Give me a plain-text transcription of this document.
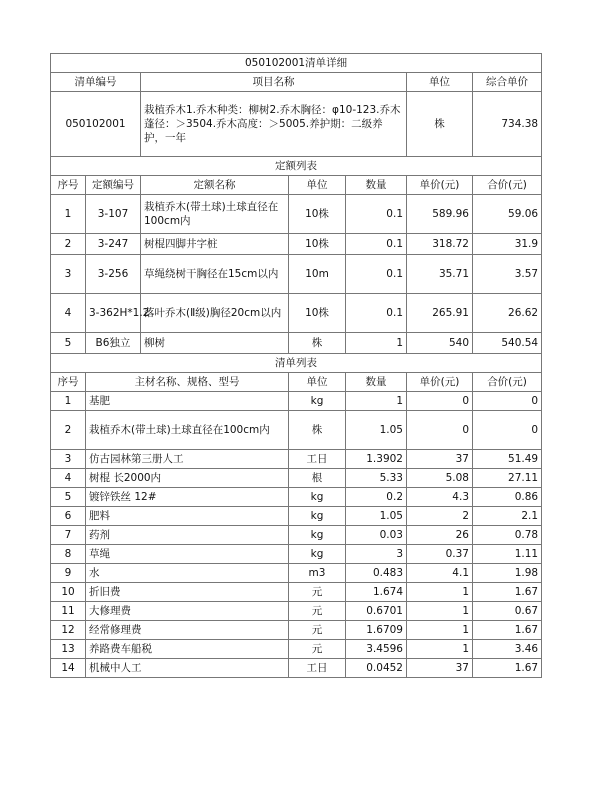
050102001清单详细						
清单编号		项目名称			单位	综合单价
050102001		栽植乔木1.乔木种类：柳树2.乔木胸径：φ10-123.乔木蓬径：＞3504.乔木高度：＞5005.养护期：二级养护，一年			株	734.38
定额列表						
序号	定额编号	定额名称	单位	数量	单价(元)	合价(元)
1	3-107	栽植乔木(带土球)土球直径在100cm内	10株	0.1	589.96	59.06
2	3-247	树棍四脚井字桩	10株	0.1	318.72	31.9
3	3-256	草绳绕树干胸径在15cm以内	10m	0.1	35.71	3.57
4	3-362H*1.2	落叶乔木(Ⅱ级)胸径20cm以内	10株	0.1	265.91	26.62
5	B6独立	柳树	株	1	540	540.54
清单列表						
序号	主材名称、规格、型号		单位	数量	单价(元)	合价(元)
1	基肥		kg	1	0	0
2	栽植乔木(带土球)土球直径在100cm内		株	1.05	0	0
3	仿古园林第三册人工		工日	1.3902	37	51.49
4	树棍 长2000内		根	5.33	5.08	27.11
5	镀锌铁丝 12#		kg	0.2	4.3	0.86
6	肥料		kg	1.05	2	2.1
7	药剂		kg	0.03	26	0.78
8	草绳		kg	3	0.37	1.11
9	水		m3	0.483	4.1	1.98
10	折旧费		元	1.674	1	1.67
11	大修理费		元	0.6701	1	0.67
12	经常修理费		元	1.6709	1	1.67
13	养路费车船税		元	3.4596	1	3.46
14	机械中人工		工日	0.0452	37	1.67
